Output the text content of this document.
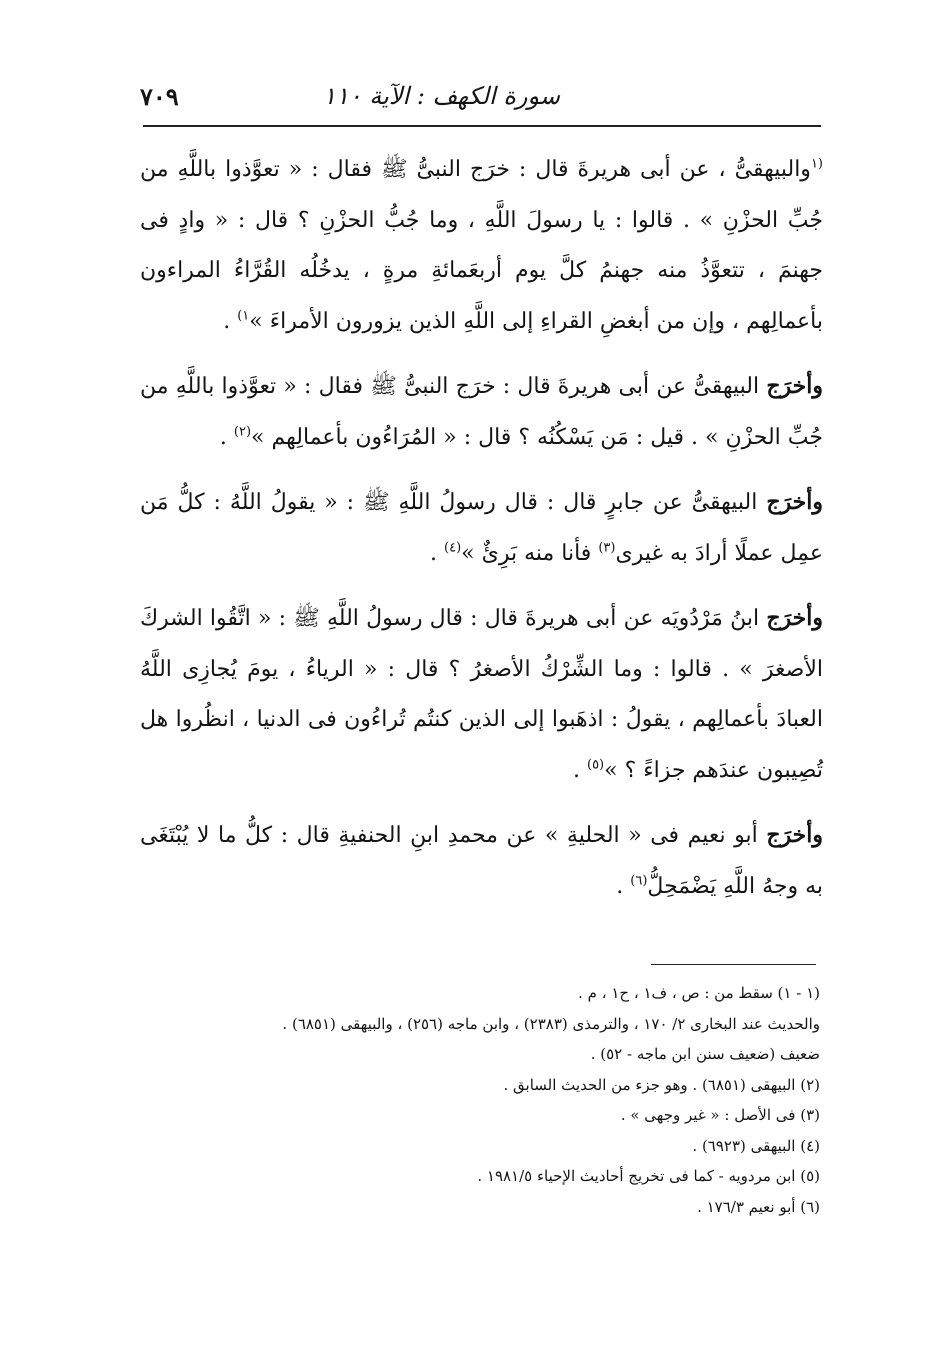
سورة الكهف : الآية ١١٠
٧٠٩

$^{(١}$والبيهقىُّ ، عن أبى هريرةَ قال : خرَج النبىُّ ﷺ فقال : « تعوَّذوا باللَّهِ من جُبِّ الحزْنِ » . قالوا : يا رسولَ اللَّهِ ، وما جُبُّ الحزْنِ ؟ قال : « وادٍ فى جهنمَ ، تتعوَّذُ منه جهنمُ كلَّ يوم أربعَمائةِ مرةٍ ، يدخُلُه القُرَّاءُ المراءون بأعمالِهم ، وإن من أبغضِ القراءِ إلى اللَّهِ الذين يزورون الأمراءَ »$^{١)}$ .

وأخرَج البيهقىُّ عن أبى هريرةَ قال : خرَج النبىُّ ﷺ فقال : « تعوَّذوا باللَّهِ من جُبِّ الحزْنِ » . قيل : مَن يَسْكُنُه ؟ قال : « المُرَاءُون بأعمالِهم »$^{(٢)}$ .

وأخرَج البيهقىُّ عن جابرٍ قال : قال رسولُ اللَّهِ ﷺ : « يقولُ اللَّهُ : كلُّ مَن عمِل عملًا أرادَ به غيرى$^{(٣)}$ فأنا منه بَرِئٌ »$^{(٤)}$ .

وأخرَج ابنُ مَرْدُويَه عن أبى هريرةَ قال : قال رسولُ اللَّهِ ﷺ : « اتَّقُوا الشركَ الأصغرَ » . قالوا : وما الشِّرْكُ الأصغرُ ؟ قال : « الرياءُ ، يومَ يُجازِى اللَّهُ العبادَ بأعمالِهم ، يقولُ : اذهَبوا إلى الذين كنتُم تُراءُون فى الدنيا ، انظُروا هل تُصِيبون عندَهم جزاءً ؟ »$^{(٥)}$ .

وأخرَج أبو نعيم فى « الحليةِ » عن محمدِ ابنِ الحنفيةِ قال : كلُّ ما لا يُبْتَغَى به وجهُ اللَّهِ يَضْمَحِلُّ$^{(٦)}$ .

(١ - ١) سقط من : ص ، ف١ ، ح١ ، م .

والحديث عند البخارى ٢/ ١٧٠ ، والترمذى (٢٣٨٣) ، وابن ماجه (٢٥٦) ، والبيهقى (٦٨٥١) .

ضعيف (ضعيف سنن ابن ماجه - ٥٢) .

(٢) البيهقى (٦٨٥١) . وهو جزء من الحديث السابق .

(٣) فى الأصل : « غير وجهى » .

(٤) البيهقى (٦٩٢٣) .

(٥) ابن مردويه - كما فى تخريج أحاديث الإحياء ١٩٨١/٥ .

(٦) أبو نعيم ١٧٦/٣ .
